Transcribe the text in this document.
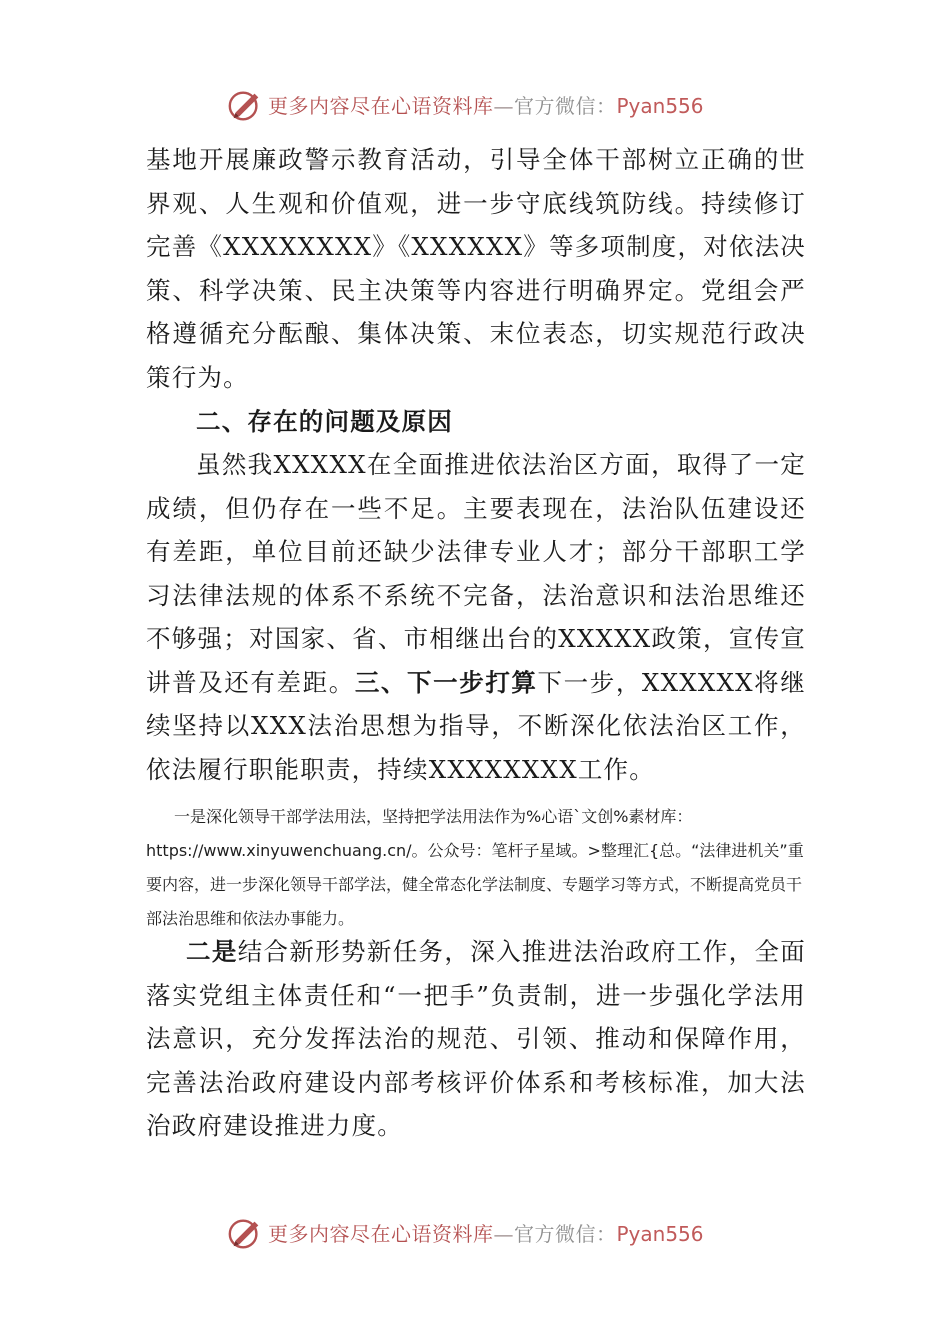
更多内容尽在心语资料库—官方微信：Pyan556
基地开展廉政警示教育活动，引导全体干部树立正确的世界观、人生观和价值观，进一步守底线筑防线。持续修订完善《XXXXXXXX》《XXXXXX》等多项制度，对依法决策、科学决策、民主决策等内容进行明确界定。党组会严格遵循充分酝酿、集体决策、末位表态，切实规范行政决策行为。
二、存在的问题及原因
虽然我XXXXX在全面推进依法治区方面，取得了一定成绩，但仍存在一些不足。主要表现在，法治队伍建设还有差距，单位目前还缺少法律专业人才；部分干部职工学习法律法规的体系不系统不完备，法治意识和法治思维还不够强；对国家、省、市相继出台的XXXXX政策，宣传宣讲普及还有差距。三、下一步打算下一步，XXXXXX将继续坚持以XXX法治思想为指导，不断深化依法治区工作，依法履行职能职责，持续XXXXXXXX工作。
一是深化领导干部学法用法，坚持把学法用法作为%心语`文创%素材库：https://www.xinyuwenchuang.cn/。公众号：笔杆子星域。>整理汇{总。“法律进机关”重要内容，进一步深化领导干部学法，健全常态化学法制度、专题学习等方式，不断提高党员干部法治思维和依法办事能力。
二是结合新形势新任务，深入推进法治政府工作，全面落实党组主体责任和“一把手”负责制，进一步强化学法用法意识，充分发挥法治的规范、引领、推动和保障作用，完善法治政府建设内部考核评价体系和考核标准，加大法治政府建设推进力度。
更多内容尽在心语资料库—官方微信：Pyan556
